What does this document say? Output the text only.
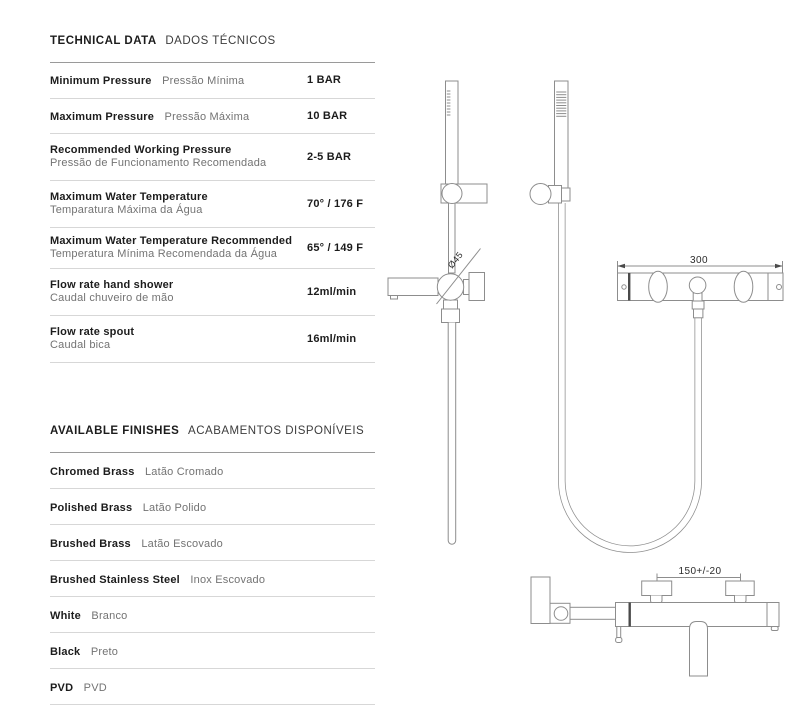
TECHNICAL DATA DADOS TÉCNICOS
Minimum Pressure Pressão Mínima	1 BAR
Maximum Pressure Pressão Máxima	10 BAR
Recommended Working Pressure
Pressão de Funcionamento Recomendada	2-5 BAR
Maximum Water Temperature
Temparatura Máxima da Água	70° / 176 F
Maximum Water Temperature Recommended
Temperatura Mínima Recomendada da Água	65° / 149 F
Flow rate hand shower
Caudal chuveiro de mão	12ml/min
Flow rate spout
Caudal bica	16ml/min
AVAILABLE FINISHES ACABAMENTOS DISPONÍVEIS
Chromed Brass Latão Cromado
Polished Brass Latão Polido
Brushed Brass Latão Escovado
Brushed Stainless Steel Inox Escovado
White Branco
Black Preto
PVD PVD
Ø45	300
150+/-20
